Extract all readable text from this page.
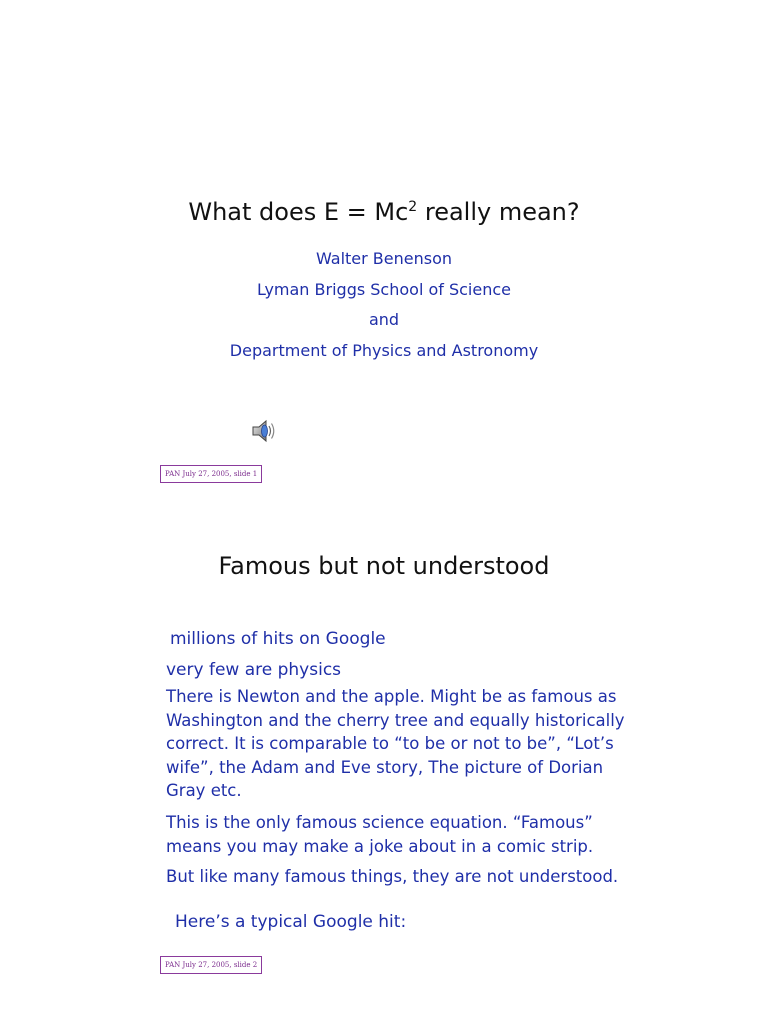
What does $E = Mc^2$ really mean?
Walter Benenson
Lyman Briggs School of Science
and
Department of Physics and Astronomy
PAN July 27, 2005, slide 1
Famous but not understood
millions of hits on Google
very few are physics
There is Newton and the apple. Might be as famous as Washington and the cherry tree and equally historically correct. It is comparable to “to be or not to be”, “Lot’s wife”, the Adam and Eve story, The picture of Dorian Gray etc.
This is the only famous science equation. “Famous” means you may make a joke about in a comic strip.
But like many famous things, they are not understood.
Here’s a typical Google hit:
PAN July 27, 2005, slide 2
